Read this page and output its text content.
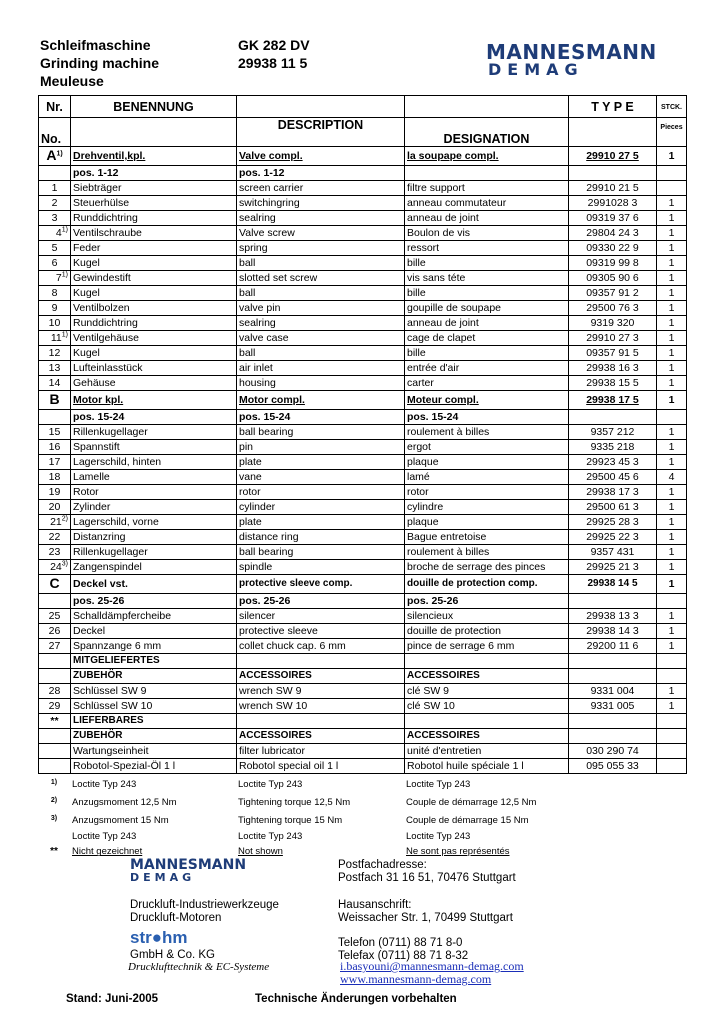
Schleifmaschine
Grinding machine
Meuleuse
GK 282 DV
29938 11 5	MANNESMANN
DEMAG
Nr.	BENENNUNG			T Y P E	STCK.
No.		DESCRIPTION	DESIGNATION		Pieces
$A^{1)}$	Drehventil,kpl.	Valve compl.	la soupape compl.	29910 27 5	1
	pos. 1-12	pos. 1-12			
1	Siebträger	screen carrier	filtre support	29910 21 5	
2	Steuerhülse	switchingring	anneau commutateur	2991028 3	1
3	Runddichtring	sealring	anneau de joint	09319 37 6	1
4$^{1)}$	Ventilschraube	Valve screw	Boulon de vis	29804 24 3	1
5	Feder	spring	ressort	09330 22 9	1
6	Kugel	ball	bille	09319 99 8	1
7$^{1)}$	Gewindestift	slotted set screw	vis sans téte	09305 90 6	1
8	Kugel	ball	bille	09357 91 2	1
9	Ventilbolzen	valve pin	goupille de soupape	29500 76 3	1
10	Runddichtring	sealring	anneau de joint	9319 320	1
11$^{1)}$	Ventilgehäuse	valve case	cage de clapet	29910 27 3	1
12	Kugel	ball	bille	09357 91 5	1
13	Lufteinlasstück	air inlet	entrée d'air	29938 16 3	1
14	Gehäuse	housing	carter	29938 15 5	1
B	Motor kpl.	Motor compl.	Moteur compl.	29938 17 5	1
	pos. 15-24	pos. 15-24	pos. 15-24		
15	Rillenkugellager	ball bearing	roulement à billes	9357 212	1
16	Spannstift	pin	ergot	9335 218	1
17	Lagerschild, hinten	plate	plaque	29923 45 3	1
18	Lamelle	vane	lamé	29500 45 6	4
19	Rotor	rotor	rotor	29938 17 3	1
20	Zylinder	cylinder	cylindre	29500 61 3	1
21$^{2)}$	Lagerschild, vorne	plate	plaque	29925 28 3	1
22	Distanzring	distance ring	Bague entretoise	29925 22 3	1
23	Rillenkugellager	ball bearing	roulement à billes	9357 431	1
24$^{3)}$	Zangenspindel	spindle	broche de serrage des pinces	29925 21 3	1
C	Deckel vst.	protective sleeve comp.	douille de protection comp.	29938 14 5	1
	pos. 25-26	pos. 25-26	pos. 25-26		
25	Schalldämpfercheibe	silencer	silencieux	29938 13 3	1
26	Deckel	protective sleeve	douille de protection	29938 14 3	1
27	Spannzange 6 mm	collet chuck cap. 6 mm	pince de serrage 6 mm	29200 11 6	1
	MITGELIEFERTES				
	ZUBEHÖR	ACCESSOIRES	ACCESSOIRES		
28	Schlüssel SW 9	wrench SW 9	clé SW 9	9331 004	1
29	Schlüssel SW 10	wrench SW 10	clé SW 10	9331 005	1
**	LIEFERBARES				
	ZUBEHÖR	ACCESSOIRES	ACCESSOIRES		
	Wartungseinheit	filter lubricator	unité d'entretien	030 290 74	
	Robotol-Spezial-Öl 1 l	Robotol special oil 1 l	Robotol huile spéciale 1 l	095 055 33	
$^{1)}$	Loctite Typ 243	Loctite Typ 243	Loctite Typ 243
$^{2)}$	Anzugsmoment 12,5 Nm	Tightening torque 12,5 Nm	Couple de démarrage 12,5 Nm
$^{3)}$	Anzugsmoment 15 Nm	Tightening torque 15 Nm	Couple de démarrage 15 Nm
	Loctite Typ 243	Loctite Typ 243	Loctite Typ 243
**	Nicht gezeichnet	Not shown	Ne sont pas représentés
MANNESMANN
DEMAG
Postfachadresse:
Postfach 31 16 51, 70476 Stuttgart
Druckluft-Industriewerkzeuge
Druckluft-Motoren
Hausanschrift:
Weissacher Str. 1, 70499 Stuttgart
str●hm	Telefon (0711) 88 71 8-0
Telefax (0711) 88 71 8-32
GmbH & Co. KG
Drucklufttechnik & EC-Systeme	i.basyouni@mannesmann-demag.com
www.mannesmann-demag.com
Stand: Juni-2005	Technische Änderungen vorbehalten
